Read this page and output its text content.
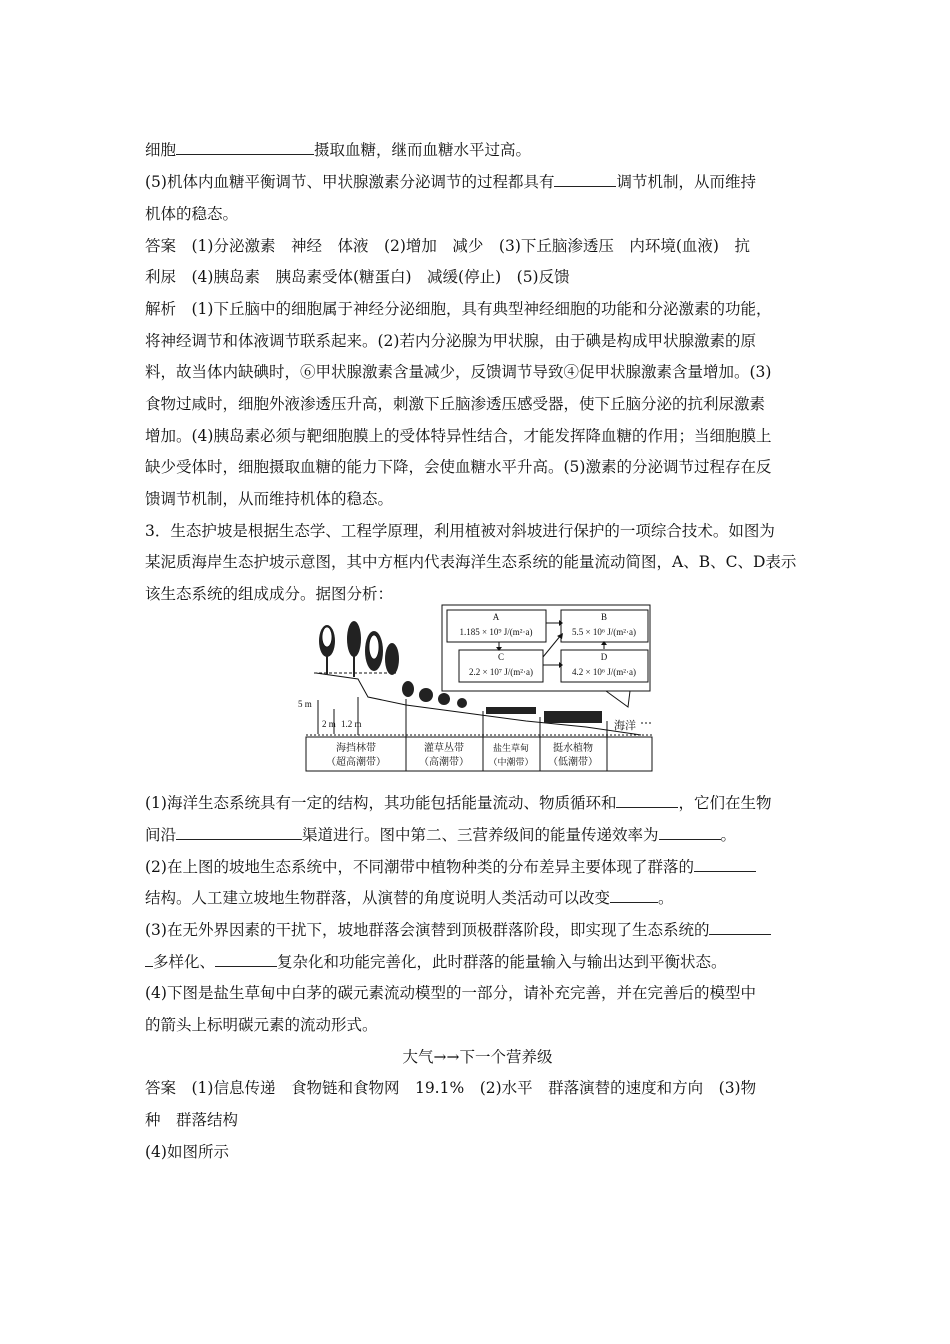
细胞	摄取血糖，继而血糖水平过高。
(5)机体内血糖平衡调节、甲状腺激素分泌调节的过程都具有	调节机制，从而维持
机体的稳态。
答案　(1)分泌激素　神经　体液　(2)增加　减少　(3)下丘脑渗透压　内环境(血液)　抗
利尿　(4)胰岛素　胰岛素受体(糖蛋白)　减缓(停止)　(5)反馈
解析　(1)下丘脑中的细胞属于神经分泌细胞，具有典型神经细胞的功能和分泌激素的功能，
将神经调节和体液调节联系起来。(2)若内分泌腺为甲状腺，由于碘是构成甲状腺激素的原
料，故当体内缺碘时，⑥甲状腺激素含量减少，反馈调节导致④促甲状腺激素含量增加。(3)
食物过咸时，细胞外液渗透压升高，刺激下丘脑渗透压感受器，使下丘脑分泌的抗利尿激素
增加。(4)胰岛素必须与靶细胞膜上的受体特异性结合，才能发挥降血糖的作用；当细胞膜上
缺少受体时，细胞摄取血糖的能力下降，会使血糖水平升高。(5)激素的分泌调节过程存在反
馈调节机制，从而维持机体的稳态。
3．生态护坡是根据生态学、工程学原理，利用植被对斜坡进行保护的一项综合技术。如图为
某泥质海岸生态护坡示意图，其中方框内代表海洋生态系统的能量流动简图，A、B、C、D表示
该生态系统的组成成分。据图分析：
A
1.185 × 10⁹ J/(m²·a)
B
5.5 × 10⁶ J/(m²·a)
C
2.2 × 10⁷ J/(m²·a)
D
4.2 × 10⁶ J/(m²·a)
5 m
2 m 1.2 m	海洋
海挡林带
（超高潮带）
灌草丛带
（高潮带）
盐生草甸
（中潮带）
挺水植物
（低潮带）
(1)海洋生态系统具有一定的结构，其功能包括能量流动、物质循环和	，它们在生物
间沿	渠道进行。图中第二、三营养级间的能量传递效率为	。
(2)在上图的坡地生态系统中，不同潮带中植物种类的分布差异主要体现了群落的
结构。人工建立坡地生物群落，从演替的角度说明人类活动可以改变	。
(3)在无外界因素的干扰下，坡地群落会演替到顶极群落阶段，即实现了生态系统的
多样化、	复杂化和功能完善化，此时群落的能量输入与输出达到平衡状态。
(4)下图是盐生草甸中白茅的碳元素流动模型的一部分，请补充完善，并在完善后的模型中
的箭头上标明碳元素的流动形式。
大气→→下一个营养级
答案　(1)信息传递　食物链和食物网　19.1%　(2)水平　群落演替的速度和方向　(3)物
种　群落结构
(4)如图所示
